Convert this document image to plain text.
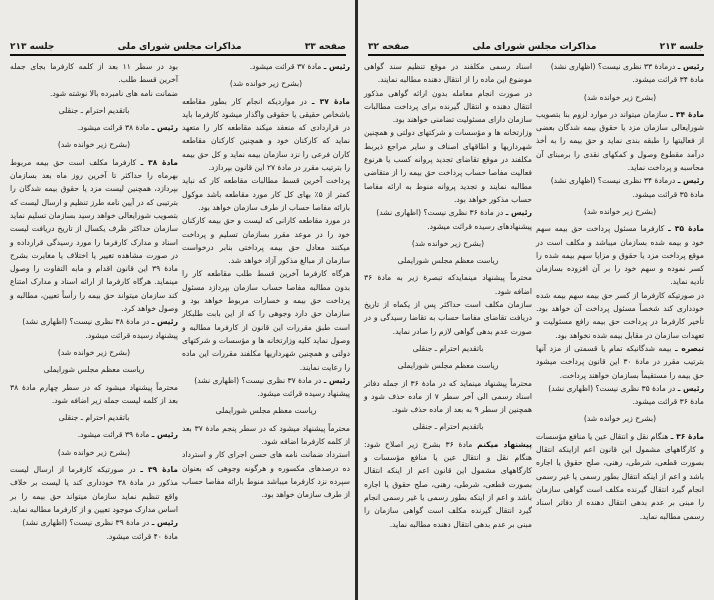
صفحه ۳۳
مذاکرات مجلس شورای ملی
جلسه ۲۱۳

رئیس ـ مادهٔ ۳۷ قرائت میشود.

(بشرح زیر خوانده شد)

مادهٔ ۳۷ ـ در مواردیکه انجام کار بطور مقاطعه باشخاص حقیقی یا حقوقی واگذار میشود کارفرما باید در قراردادی که منعقد میکند مقاطعه کار را متعهد نماید که کارکنان خود و همچنین کارکنان مقاطعه کاران فرعی را نزد سازمان بیمه نماید و کل حق بیمه را بترتیب مقرر در مادهٔ ۲۷ این قانون بپردازد.

پرداخت آخرین قسط مطالبات مقاطعه کار که نباید کمتر از ۵٪ بهای کل کار مورد مقاطعه باشد موکول بارائه مفاصا حساب از طرف سازمان خواهد بود.

در مورد مقاطعه کارانی که لیست و حق بیمه کارکنان خود را در موعد مقرر بسازمان تسلیم و پرداخت میکنند معادل حق بیمه پرداختی بنابر درخواست سازمان از مبالغ مذکور آزاد خواهد شد.

هرگاه کارفرما آخرین قسط طلب مقاطعه کار را بدون مطالبه مفاصا حساب سازمان بپردازد مسئول پرداخت حق بیمه و خسارات مربوط خواهد بود و سازمان حق دارد وجوهی را که از این بابت طلبکار است طبق مقررات این قانون از کارفرما مطالبه و وصول نماید کلیه وزارتخانه ها و مؤسسات و شرکتهای دولتی و همچنین شهرداریها مکلفند مقررات این ماده را رعایت نمایند.

رئیس ـ در مادهٔ ۳۷ نظری نیست؟ (اظهاری نشد)

پیشنهاد رسیده قرائت میشود.

ریاست معظم مجلس شورایملی

محترماً پیشنهاد میشود که در سطر پنجم مادهٔ ۳۷ بعد از کلمه کارفرما اضافه شود.

استرداد ضمانت نامه های حسن اجرای کار و استرداد ده درصدهای مکسوره و هرگونه وجوهی که بعنوان سپرده نزد کارفرما میباشد منوط بارائه مفاصا حساب از طرف سازمان خواهد بود.

بود در سطر ۱۱ بعد از کلمه کارفرما بجای جمله آخرین قسط طلب.

ضمانت نامه های نامبرده بالا نوشته شود.

باتقدیم احترام ـ جنقلی

رئیس ـ مادهٔ ۳۸ قرائت میشود.

(بشرح زیر خوانده شد)

مادهٔ ۳۸ ـ کارفرما مکلف است حق بیمه مربوط بهرماه را حداکثر تا آخرین روز ماه بعد بسازمان بپردازد، همچنین لیست مزد یا حقوق بیمه شدگان را بترتیبی که در آیین نامه طرز تنظیم و ارسال لیست که بتصویب شورایعالی خواهد رسید بسازمان تسلیم نماید سازمان حداکثر ظرف یکسال از تاریخ دریافت لیست اسناد و مدارک کارفرما را مورد رسیدگی قرارداده و در صورت مشاهده تغییر یا اختلاف یا مغایرت بشرح مادهٔ ۳۹ این قانون اقدام و مابه التفاوت را وصول مینماید. هرگاه کارفرما از ارائه اسناد و مدارک امتناع کند سازمان میتواند حق بیمه را رأساً تعیین، مطالبه و وصول خواهد کرد.

رئیس ـ در مادهٔ ۳۸ نظری نیست؟ (اظهاری نشد)

پیشنهاد رسیده قرائت میشود.

(بشرح زیر خوانده شد)

ریاست معظم مجلس شورایملی

محترماً پیشنهاد میشود که در سطر چهارم مادهٔ ۳۸ بعد از کلمه لیست جمله زیر اضافه شود.

باتقدیم احترام ـ جنقلی

رئیس ـ مادهٔ ۳۹ قرائت میشود.

(بشرح زیر خوانده شد)

مادهٔ ۳۹ ـ در صورتیکه کارفرما از ارسال لیست مذکور در مادهٔ ۳۸ خودداری کند یا لیست بر خلاف واقع تنظیم نماید سازمان میتواند حق بیمه را بر اساس مدارک موجود تعیین و از کارفرما مطالبه نماید.

رئیس ـ در مادهٔ ۳۹ نظری نیست؟ (اظهاری نشد)

مادهٔ ۴۰ قرائت میشود.

جلسه ۲۱۳
مذاکرات مجلس شورای ملی
صفحه ۳۲

رئیس ـ درمادهٔ ۳۳ نظری نیست؟ (اظهاری نشد)

مادهٔ ۳۴ قرائت میشود.

(بشرح زیر خوانده شد)

مادهٔ ۳۴ ـ سازمان میتواند در موارد لزوم بنا بتصویب شورایعالی سازمان مزد یا حقوق بیمه شدگان بعضی از فعالیتها را طبقه بندی نماید و حق بیمه را به أخذ درآمد مقطوع وصول و کمکهای نقدی را برمبنای آن محاسبه و پرداخت نماید.

رئیس ـ درمادهٔ ۳۴ نظری نیست؟ (اظهاری نشد)

مادهٔ ۳۵ قرائت میشود.

(بشرح زیر خوانده شد)

مادهٔ ۳۵ ـ کارفرما مسئول پرداخت حق بیمه سهم خود و بیمه شده بسازمان میباشد و مکلف است در موقع پرداخت مزد یا حقوق و مزایا سهم بیمه شده را کسر نموده و سهم خود را بر آن افزوده بسازمان تأدیه نماید.

در صورتیکه کارفرما از کسر حق بیمه سهم بیمه شده خودداری کند شخصاً مسئول پرداخت آن خواهد بود. تأخیر کارفرما در پرداخت حق بیمه رافع مسئولیت و تعهدات سازمان در مقابل بیمه شده نخواهد بود.

تبصره ـ بیمه شدگانیکه تمام یا قسمتی از مزد آنها بترتیب مقرر در مادهٔ ۳۰ این قانون پرداخت میشود حق بیمه را مستقیماً بسازمان خواهند پرداخت.

رئیس ـ در مادهٔ ۳۵ نظری نیست؟ (اظهاری نشد)

مادهٔ ۳۶ قرائت میشود.

(بشرح زیر خوانده شد)

مادهٔ ۳۶ ـ هنگام نقل و انتقال عین یا منافع مؤسسات و کارگاههای مشمول این قانون اعم ازاینکه انتقال بصورت قطعی، شرطی، رهنی، صلح حقوق یا اجاره باشد و اعم از اینکه انتقال بطور رسمی یا غیر رسمی انجام گیرد انتقال گیرنده مکلف است گواهی سازمان را مبنی بر عدم بدهی انتقال دهنده از دفاتر اسناد رسمی مطالبه نماید.

اسناد رسمی مکلفند در موقع تنظیم سند گواهی موضوع این ماده را از انتقال دهنده مطالبه نمایند.

در صورت انجام معامله بدون ارائه گواهی مذکور انتقال دهنده و انتقال گیرنده برای پرداخت مطالبات سازمان دارای مسئولیت تضامنی خواهند بود.

وزارتخانه ها و مؤسسات و شرکتهای دولتی و همچنین شهرداریها و اطاقهای اصناف و سایر مراجع ذیربط مکلفند در موقع تقاضای تجدید پروانه کسب یا هرنوع فعالیت مفاصا حساب پرداخت حق بیمه را از متقاضی مطالبه نمایند و تجدید پروانه منوط به ارائه مفاصا حساب مذکور خواهد بود.

رئیس ـ در مادهٔ ۳۶ نظری نیست؟ (اظهاری نشد)

پیشنهادهای رسیده قرائت میشود.

(بشرح زیر خوانده شد)

ریاست معظم مجلس شورایملی

محترماً پیشنهاد مینمایدکه تبصرهٔ زیر به مادهٔ ۳۶ اضافه شود.

سازمان مکلف است حداکثر پس از یکماه از تاریخ دریافت تقاضای مفاصا حساب به تقاضا رسیدگی و در صورت عدم بدهی گواهی لازم را صادر نماید.

باتقدیم احترام ـ جنقلی

ریاست معظم مجلس شورایملی

محترماً پیشنهاد مینماید که در مادهٔ ۳۶ از جمله دفاتر اسناد رسمی الی آخر سطر ۷ از ماده حذف شود و همچنین از سطر ۹ به بعد از ماده حذف شود.

باتقدیم احترام ـ جنقلی

پیشنهاد میکنم مادهٔ ۳۶ بشرح زیر اصلاح شود: هنگام نقل و انتقال عین یا منافع مؤسسات و کارگاههای مشمول این قانون اعم از اینکه انتقال بصورت قطعی، شرطی، رهنی، صلح حقوق یا اجاره باشد و اعم از اینکه بطور رسمی یا غیر رسمی انجام گیرد انتقال گیرنده مکلف است گواهی سازمان را مبنی بر عدم بدهی انتقال دهنده مطالبه نماید.
